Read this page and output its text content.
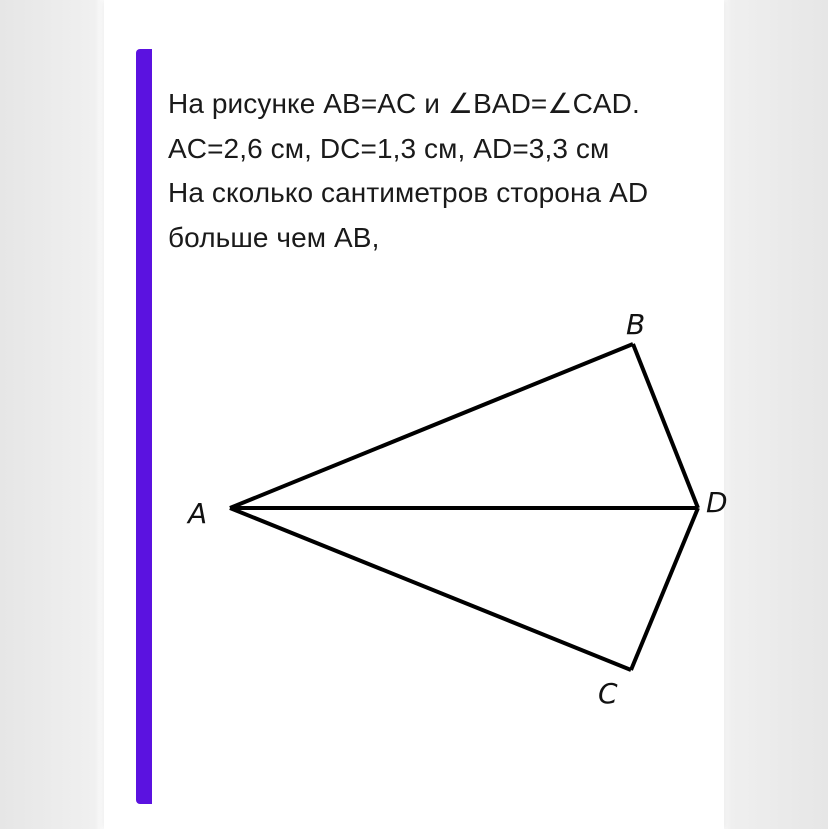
На рисунке AB=AC и ∠BAD=∠CAD.
AC=2,6 см, DC=1,3 см, AD=3,3 см
На сколько сантиметров сторона AD
больше чем AB,

A
B
C
D
